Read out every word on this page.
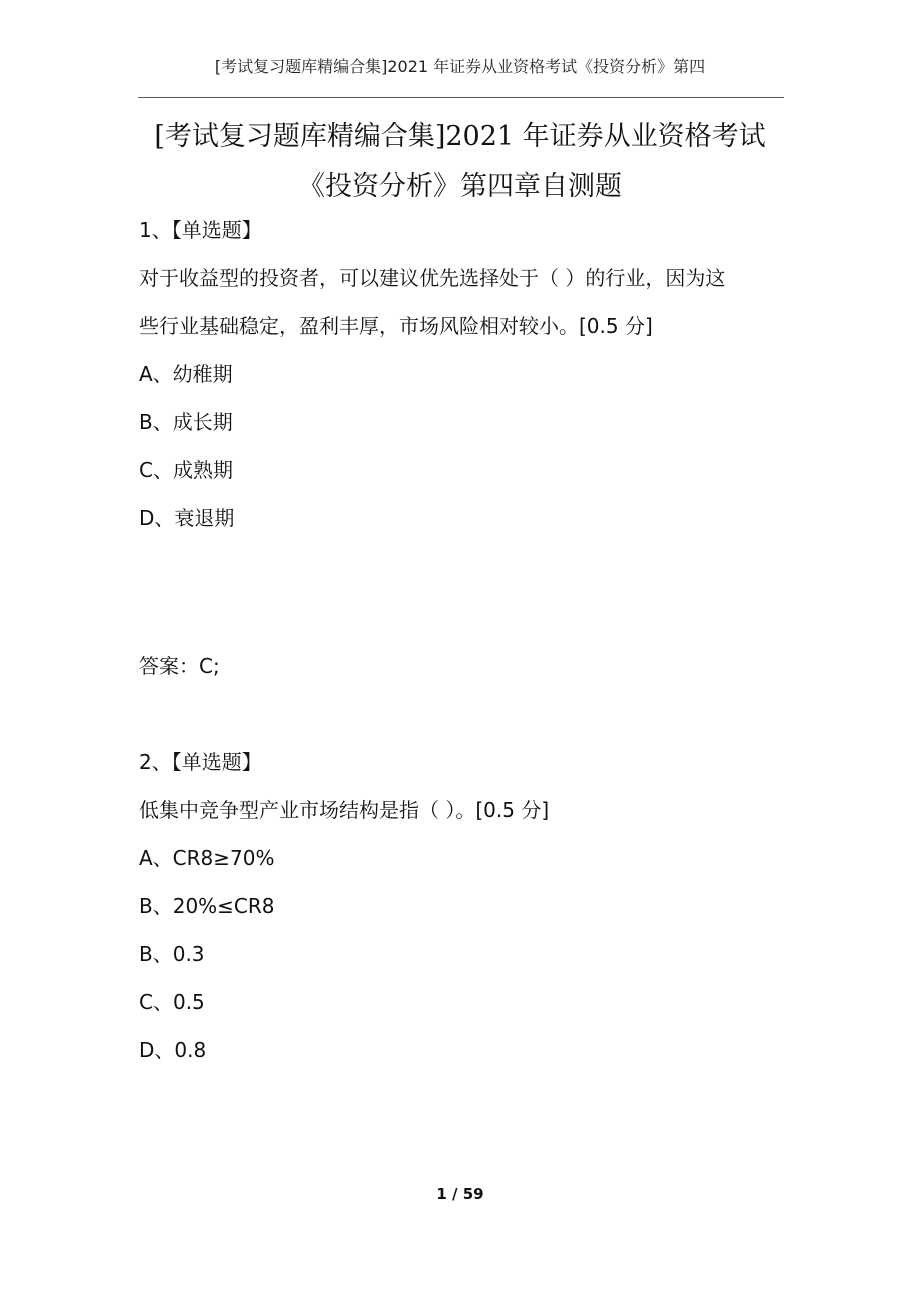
[考试复习题库精编合集]2021 年证券从业资格考试《投资分析》第四
[考试复习题库精编合集]2021 年证券从业资格考试
《投资分析》第四章自测题
1、【单选题】
对于收益型的投资者，可以建议优先选择处于（ ）的行业，因为这
些行业基础稳定，盈利丰厚，市场风险相对较小。[0.5 分]
A、幼稚期
B、成长期
C、成熟期
D、衰退期
答案：C;
2、【单选题】
低集中竞争型产业市场结构是指（ ）。[0.5 分]
A、CR8≥70%
B、20%≤CR8
B、0.3
C、0.5
D、0.8
1 / 59
